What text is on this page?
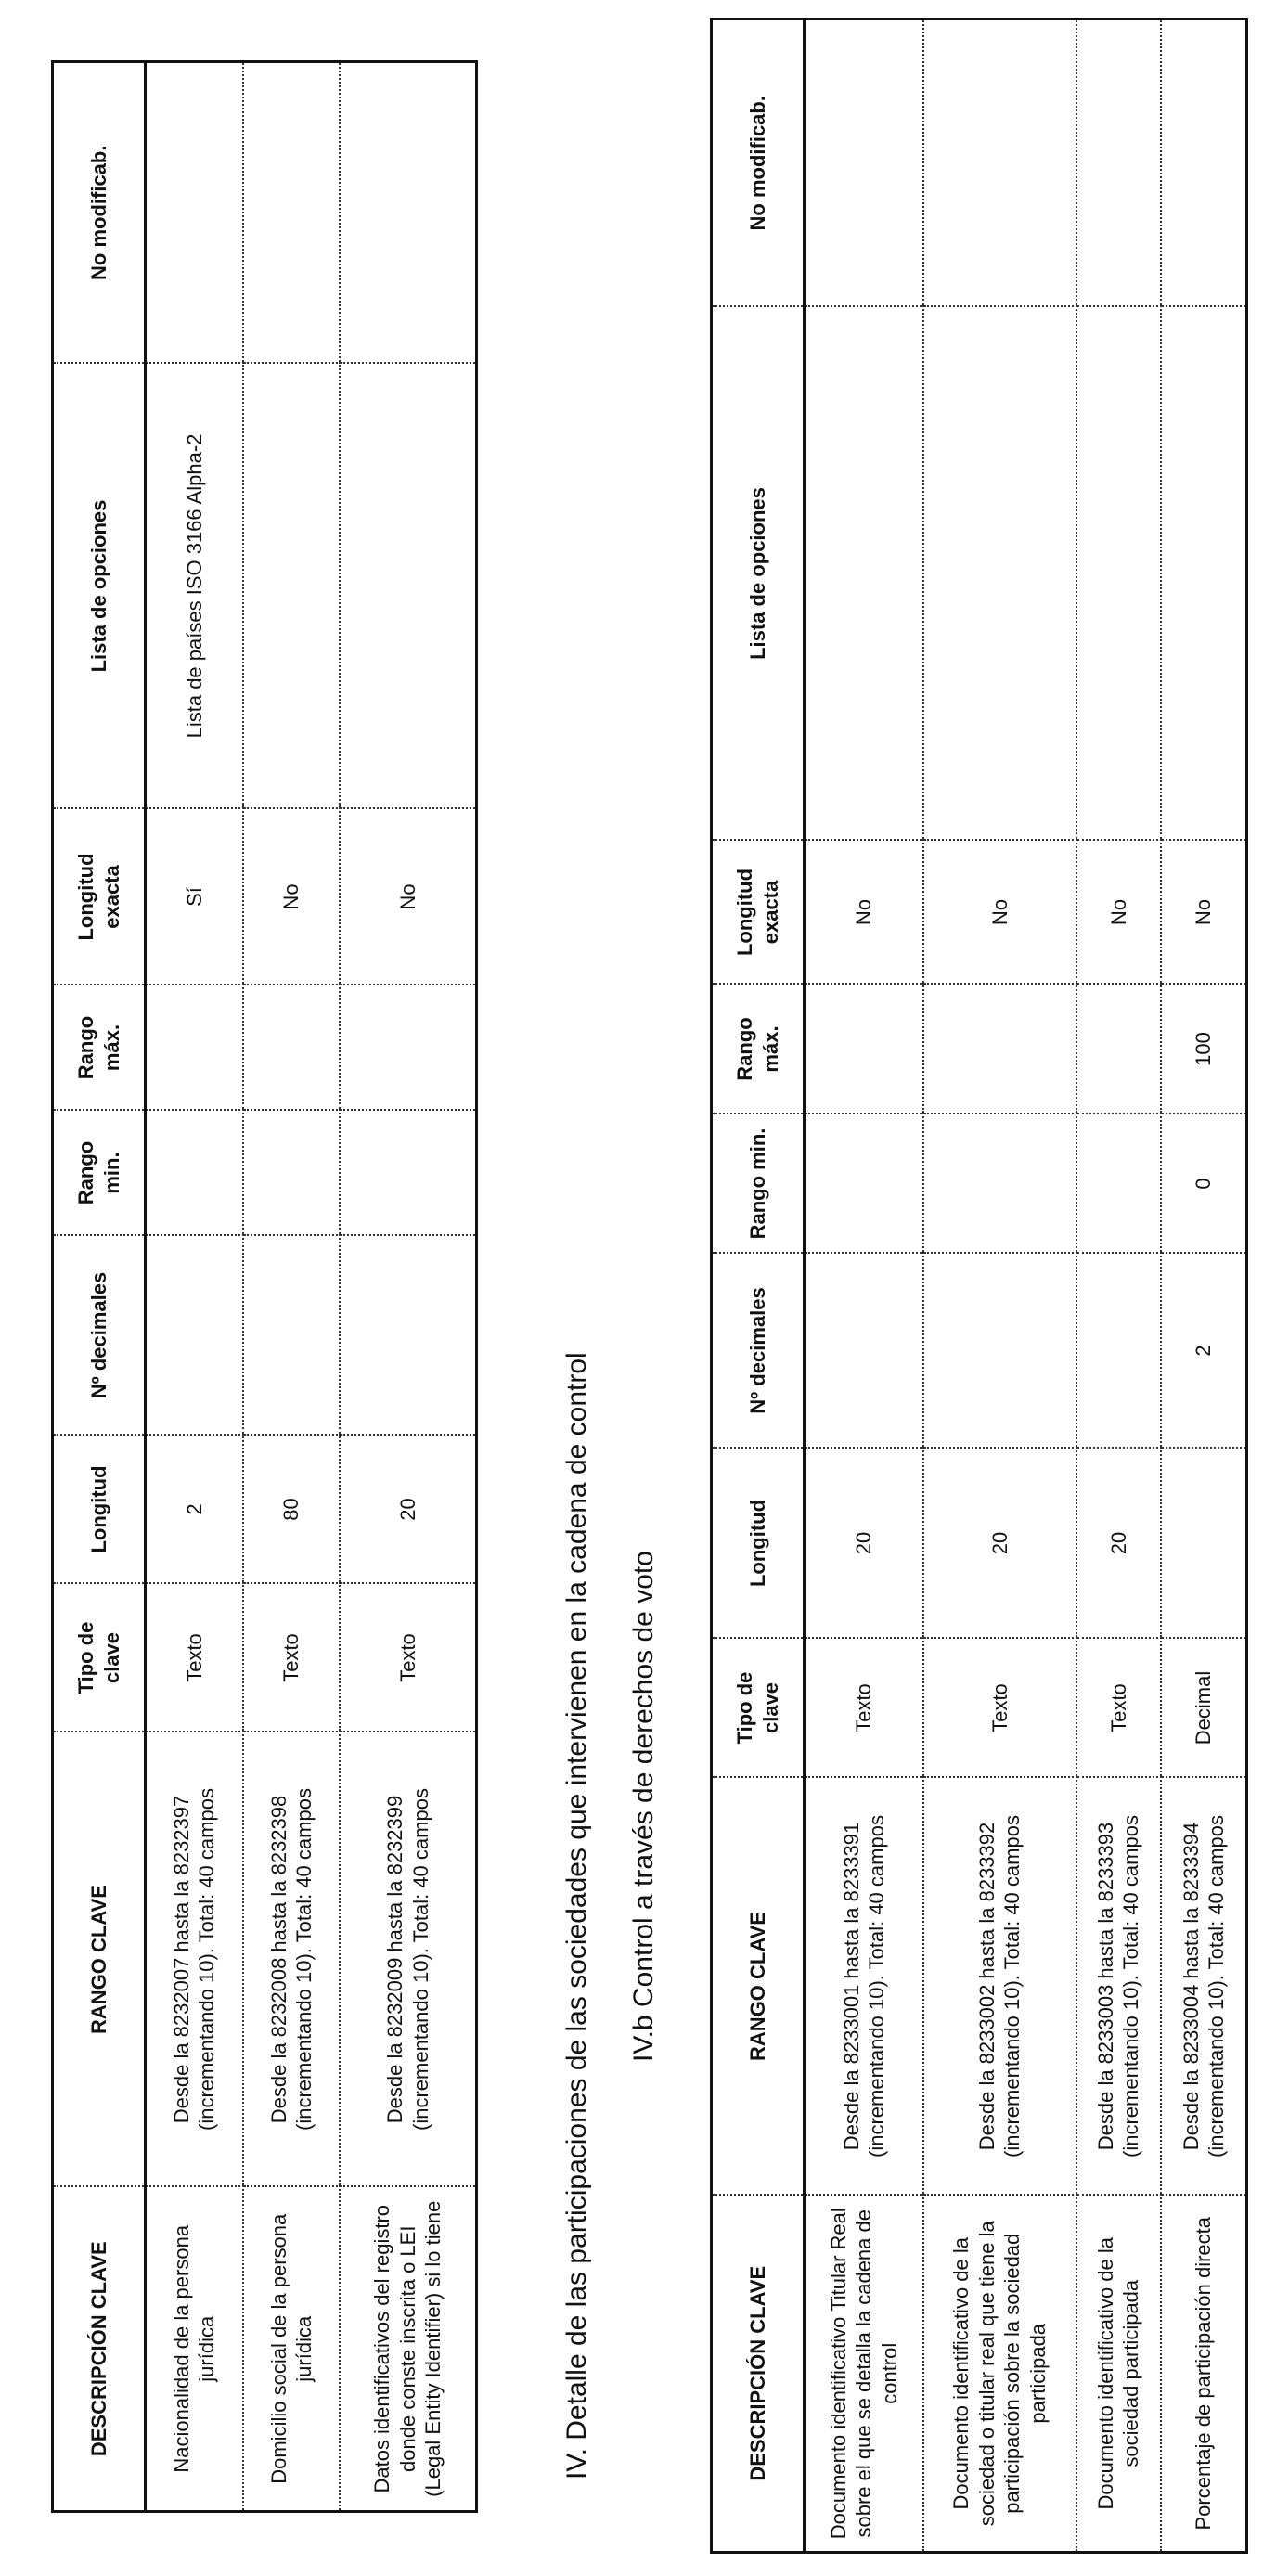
DESCRIPCIÓN CLAVE	RANGO CLAVE	Tipo de clave	Longitud	Nº decimales	Rango min.	Rango máx.	Longitud exacta	Lista de opciones	No modificab.
Nacionalidad de la persona jurídica	Desde la 8232007 hasta la 8232397 (incrementando 10). Total: 40 campos	Texto	2				Sí	Lista de países ISO 3166 Alpha-2	
Domicilio social de la persona jurídica	Desde la 8232008 hasta la 8232398 (incrementando 10). Total: 40 campos	Texto	80				No		
Datos identificativos del registro donde conste inscrita o LEI (Legal Entity Identifier) si lo tiene	Desde la 8232009 hasta la 8232399 (incrementando 10). Total: 40 campos	Texto	20				No		
IV. Detalle de las participaciones de las sociedades que intervienen en la cadena de control IV.b Control a través de derechos de voto
DESCRIPCIÓN CLAVE	RANGO CLAVE	Tipo de clave	Longitud	Nº decimales	Rango min.	Rango máx.	Longitud exacta	Lista de opciones	No modificab.
Documento identificativo Titular Real sobre el que se detalla la cadena de control	Desde la 8233001 hasta la 8233391 (incrementando 10). Total: 40 campos	Texto	20				No		
Documento identificativo de la sociedad o titular real que tiene la participación sobre la sociedad participada	Desde la 8233002 hasta la 8233392 (incrementando 10). Total: 40 campos	Texto	20				No		
Documento identificativo de la sociedad participada	Desde la 8233003 hasta la 8233393 (incrementando 10). Total: 40 campos	Texto	20				No		
Porcentaje de participación directa	Desde la 8233004 hasta la 8233394 (incrementando 10). Total: 40 campos	Decimal		2	0	100	No		
